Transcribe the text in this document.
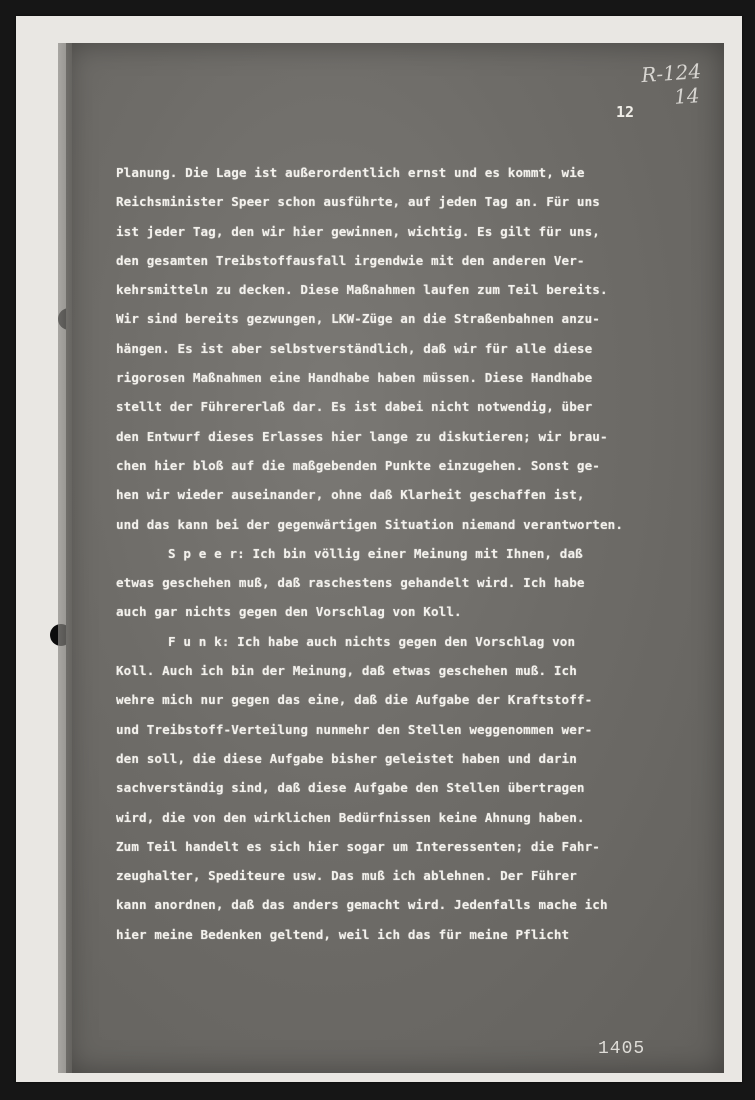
R-124
14
12
Planung. Die Lage ist außerordentlich ernst und es kommt, wie
Reichsminister Speer schon ausführte, auf jeden Tag an. Für uns
ist jeder Tag, den wir hier gewinnen, wichtig. Es gilt für uns,
den gesamten Treibstoffausfall irgendwie mit den anderen Ver-
kehrsmitteln zu decken. Diese Maßnahmen laufen zum Teil bereits.
Wir sind bereits gezwungen, LKW-Züge an die Straßenbahnen anzu-
hängen. Es ist aber selbstverständlich, daß wir für alle diese
rigorosen Maßnahmen eine Handhabe haben müssen. Diese Handhabe
stellt der Führererlaß dar. Es ist dabei nicht notwendig, über
den Entwurf dieses Erlasses hier lange zu diskutieren; wir brau-
chen hier bloß auf die maßgebenden Punkte einzugehen. Sonst ge-
hen wir wieder auseinander, ohne daß Klarheit geschaffen ist,
und das kann bei der gegenwärtigen Situation niemand verantworten.
S p e e r: Ich bin völlig einer Meinung mit Ihnen, daß
etwas geschehen muß, daß raschestens gehandelt wird. Ich habe
auch gar nichts gegen den Vorschlag von Koll.
F u n k: Ich habe auch nichts gegen den Vorschlag von
Koll. Auch ich bin der Meinung, daß etwas geschehen muß. Ich
wehre mich nur gegen das eine, daß die Aufgabe der Kraftstoff-
und Treibstoff-Verteilung nunmehr den Stellen weggenommen wer-
den soll, die diese Aufgabe bisher geleistet haben und darin
sachverständig sind, daß diese Aufgabe den Stellen übertragen
wird, die von den wirklichen Bedürfnissen keine Ahnung haben.
Zum Teil handelt es sich hier sogar um Interessenten; die Fahr-
zeughalter, Spediteure usw. Das muß ich ablehnen. Der Führer
kann anordnen, daß das anders gemacht wird. Jedenfalls mache ich
hier meine Bedenken geltend, weil ich das für meine Pflicht
1405
